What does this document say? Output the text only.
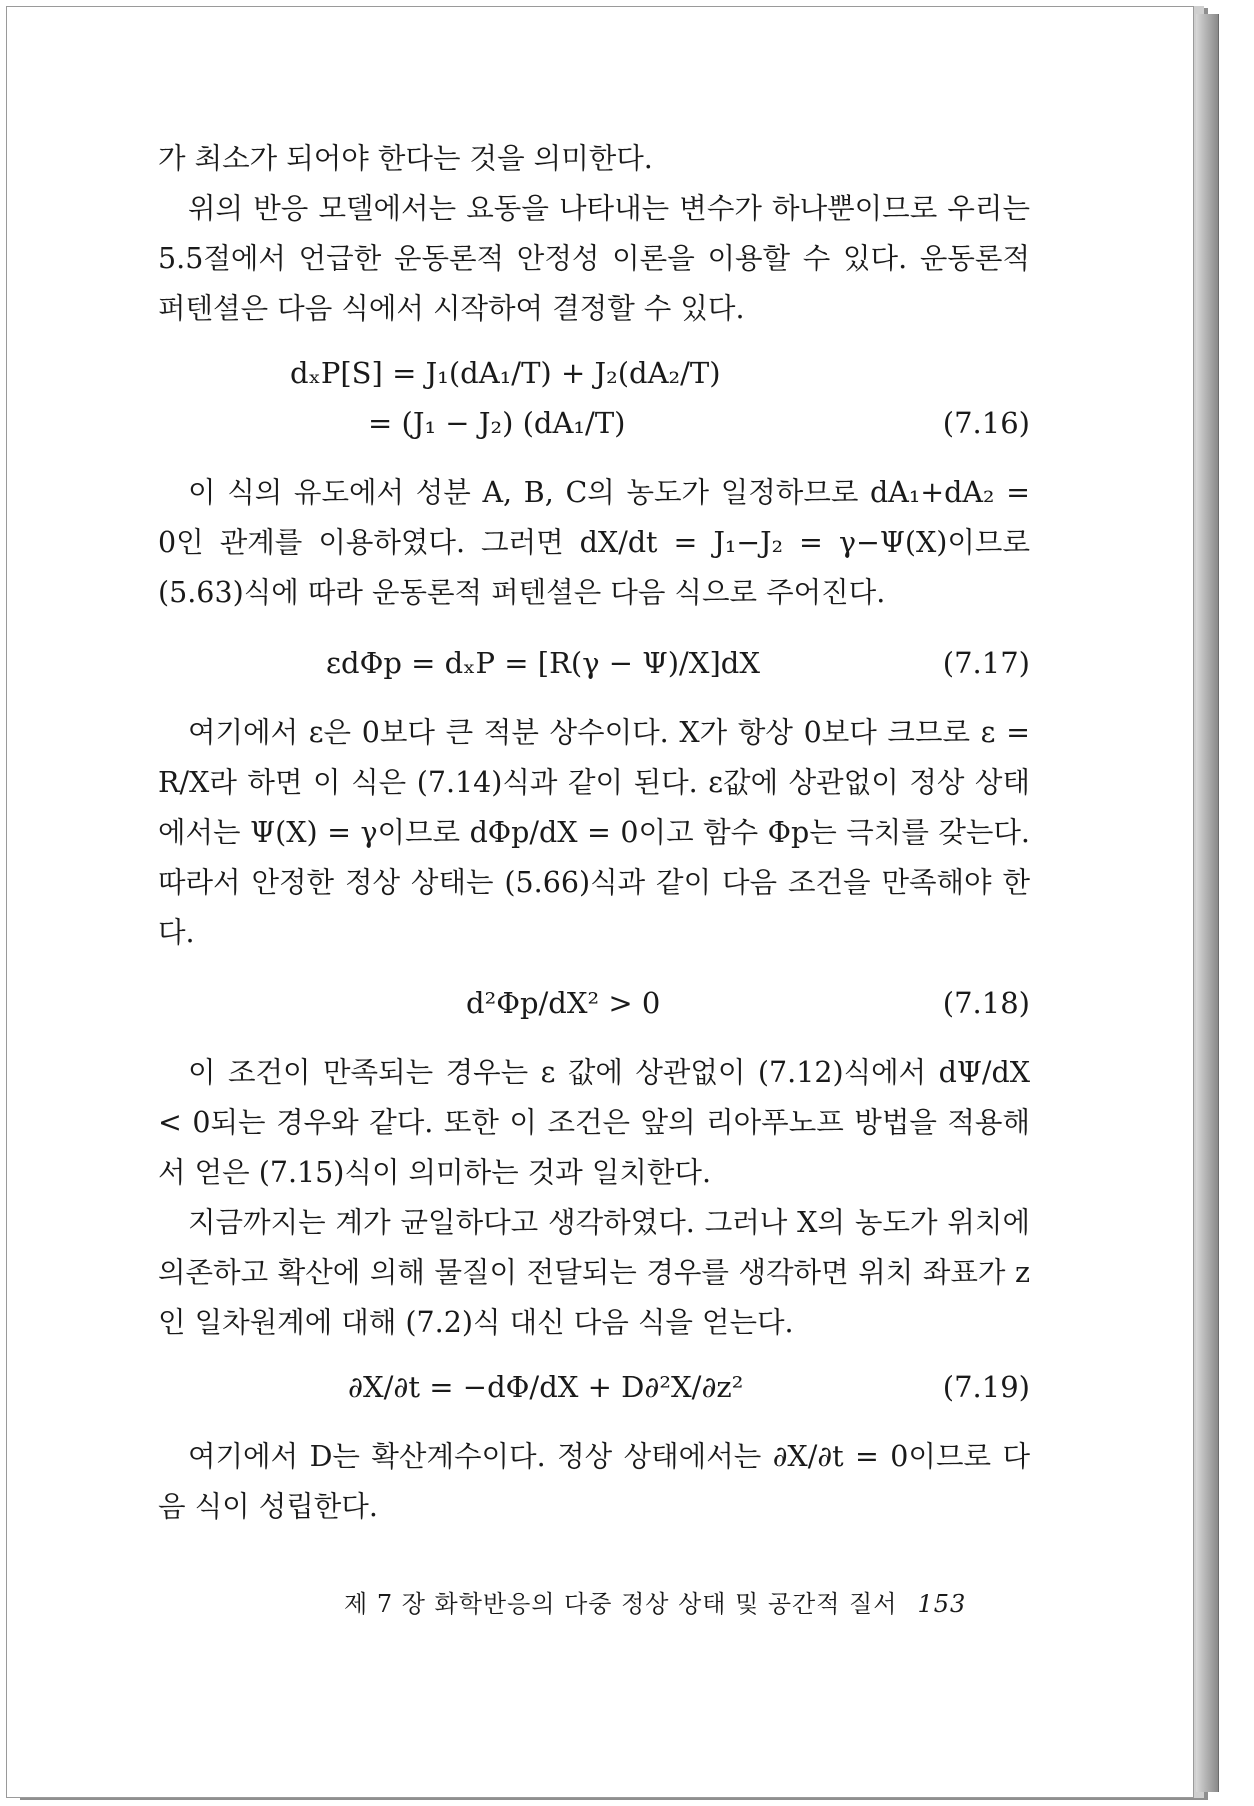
가 최소가 되어야 한다는 것을 의미한다.

위의 반응 모델에서는 요동을 나타내는 변수가 하나뿐이므로 우리는 5.5절에서 언급한 운동론적 안정성 이론을 이용할 수 있다. 운동론적 퍼텐셜은 다음 식에서 시작하여 결정할 수 있다.

dₓP[S] = J₁(dA₁/T) + J₂(dA₂/T)
= (J₁ − J₂) (dA₁/T)	(7.16)

이 식의 유도에서 성분 A, B, C의 농도가 일정하므로 dA₁+dA₂ = 0인 관계를 이용하였다. 그러면 dX/dt = J₁−J₂ = γ−Ψ(X)이므로 (5.63)식에 따라 운동론적 퍼텐셜은 다음 식으로 주어진다.

εdΦp = dₓP = [R(γ − Ψ)/X]dX	(7.17)

여기에서 ε은 0보다 큰 적분 상수이다. X가 항상 0보다 크므로 ε = R/X라 하면 이 식은 (7.14)식과 같이 된다. ε값에 상관없이 정상 상태에서는 Ψ(X) = γ이므로 dΦp/dX = 0이고 함수 Φp는 극치를 갖는다. 따라서 안정한 정상 상태는 (5.66)식과 같이 다음 조건을 만족해야 한다.

d²Φp/dX² > 0	(7.18)

이 조건이 만족되는 경우는 ε 값에 상관없이 (7.12)식에서 dΨ/dX < 0되는 경우와 같다. 또한 이 조건은 앞의 리아푸노프 방법을 적용해서 얻은 (7.15)식이 의미하는 것과 일치한다.

지금까지는 계가 균일하다고 생각하였다. 그러나 X의 농도가 위치에 의존하고 확산에 의해 물질이 전달되는 경우를 생각하면 위치 좌표가 z인 일차원계에 대해 (7.2)식 대신 다음 식을 얻는다.

∂X/∂t = −dΦ/dX + D∂²X/∂z²	(7.19)

여기에서 D는 확산계수이다. 정상 상태에서는 ∂X/∂t = 0이므로 다음 식이 성립한다.

제 7 장 화학반응의 다중 정상 상태 및 공간적 질서 153
